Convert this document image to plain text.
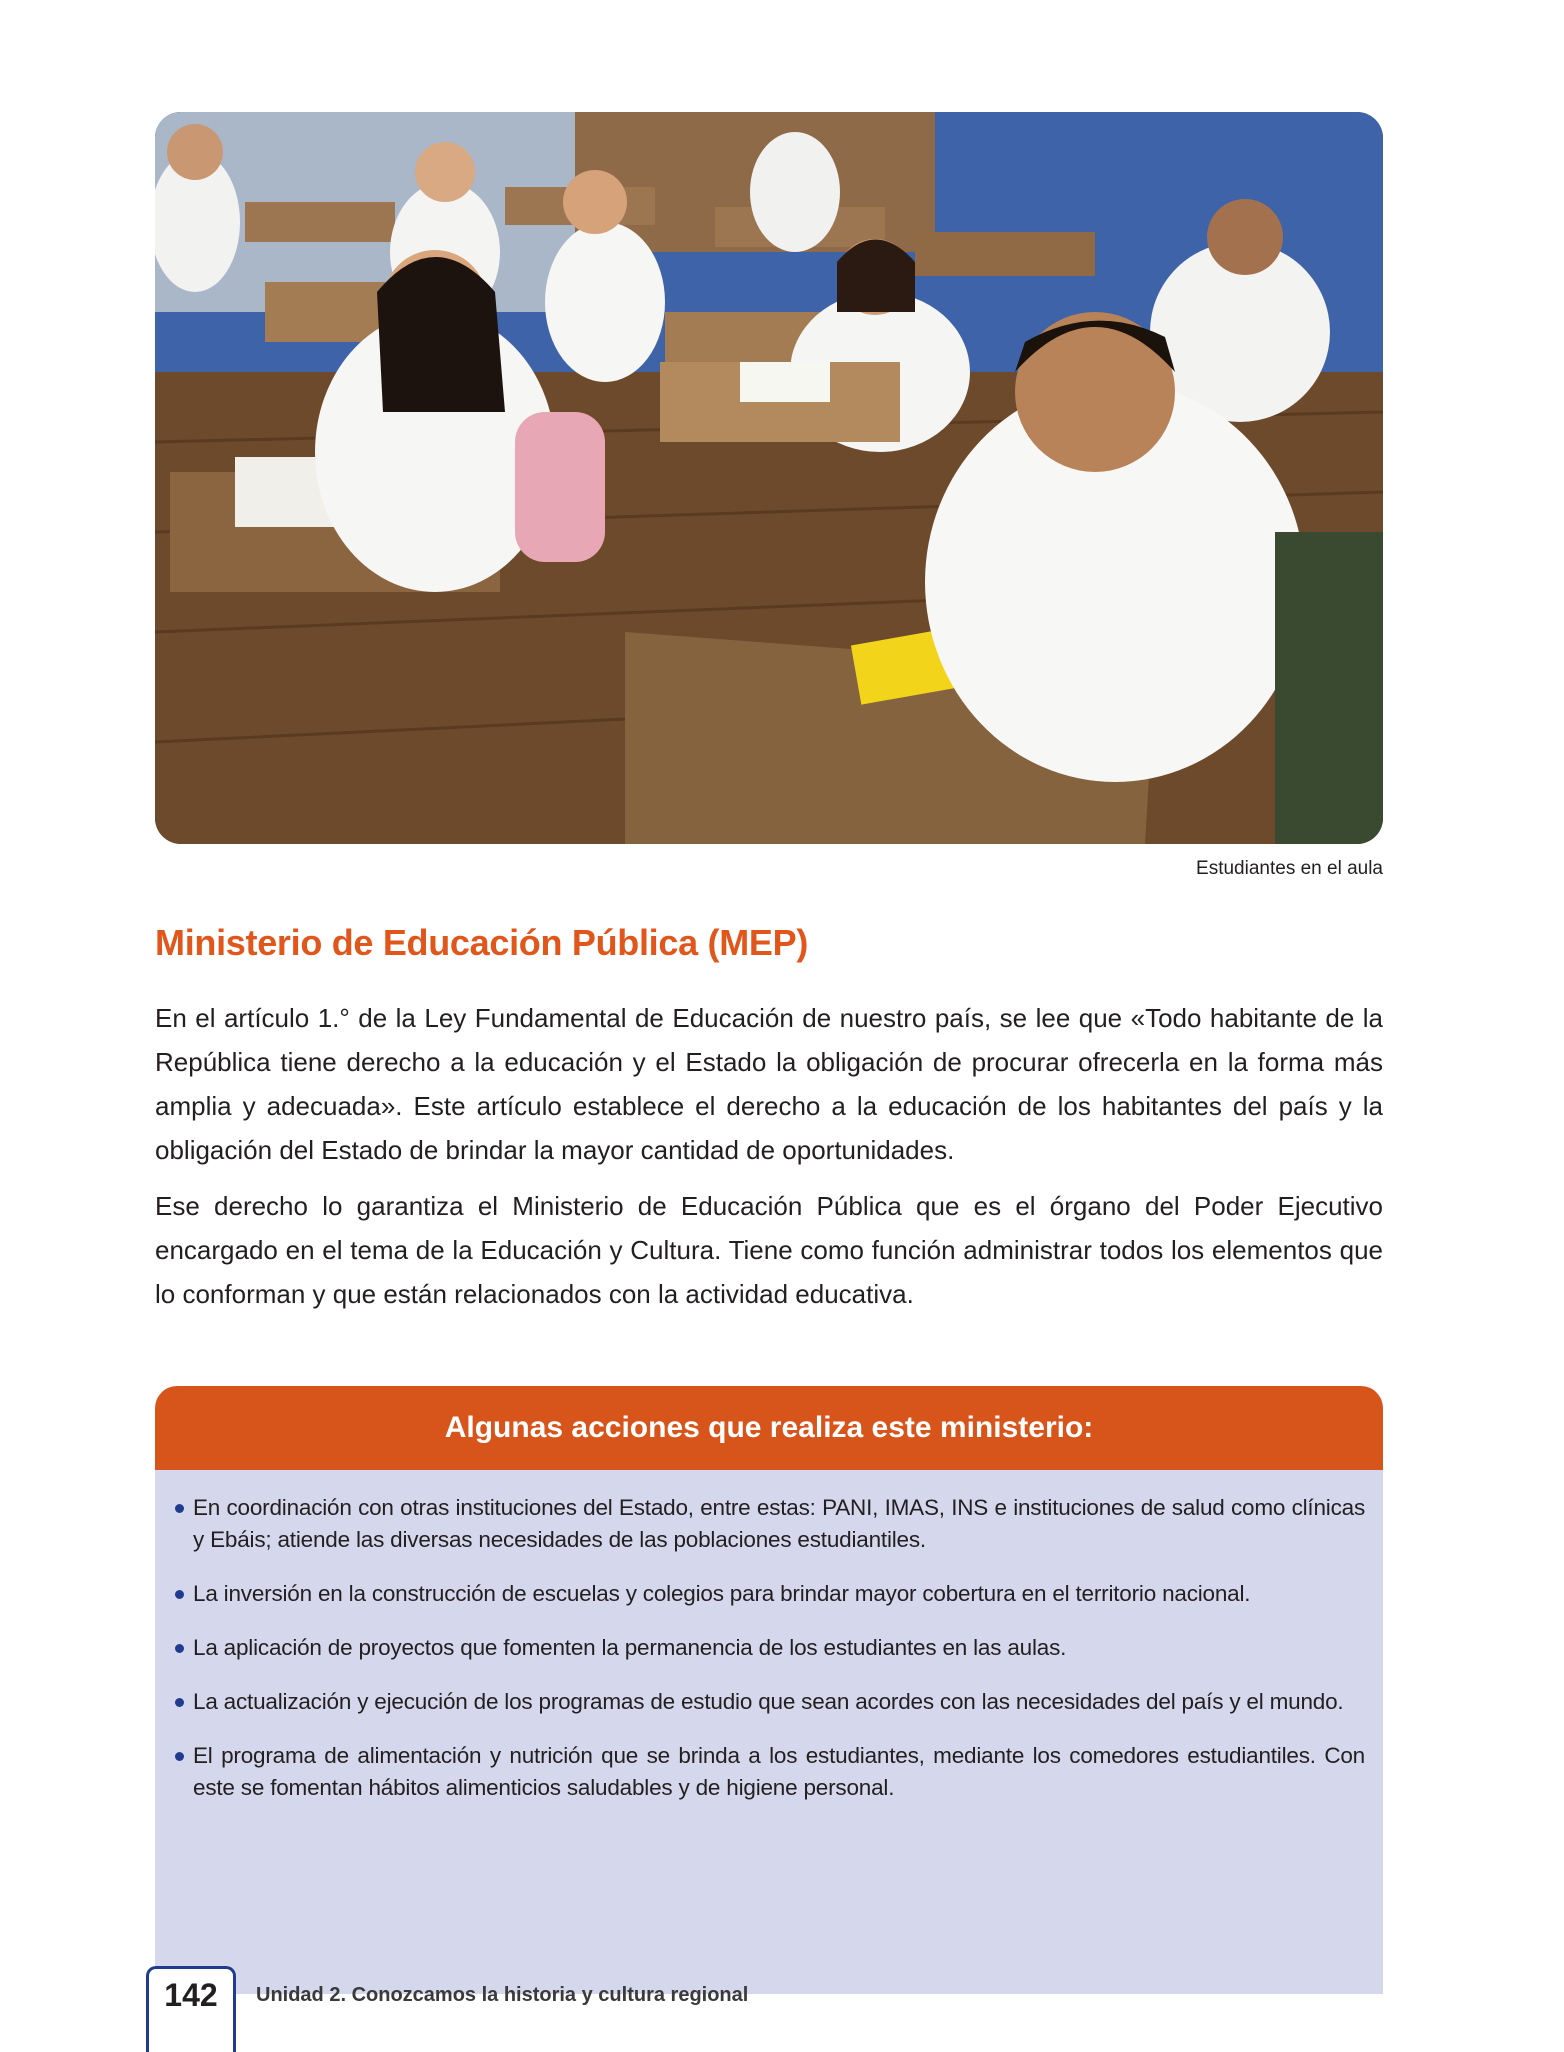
Estudiantes en el aula
Ministerio de Educación Pública (MEP)

En el artículo 1.° de la Ley Fundamental de Educación de nuestro país, se lee que «Todo habitante de la República tiene derecho a la educación y el Estado la obligación de procurar ofrecerla en la forma más amplia y adecuada». Este artículo establece el derecho a la educación de los habitantes del país y la obligación del Estado de brindar la mayor cantidad de oportunidades.

Ese derecho lo garantiza el Ministerio de Educación Pública que es el órgano del Poder Ejecutivo encargado en el tema de la Educación y Cultura. Tiene como función administrar todos los elementos que lo conforman y que están relacionados con la actividad educativa.

Algunas acciones que realiza este ministerio:
En coordinación con otras instituciones del Estado, entre estas: PANI, IMAS, INS e instituciones de salud como clínicas y Ebáis; atiende las diversas necesidades de las poblaciones estudiantiles.
La inversión en la construcción de escuelas y colegios para brindar mayor cobertura en el territorio nacional.
La aplicación de proyectos que fomenten la permanencia de los estudiantes en las aulas.
La actualización y ejecución de los programas de estudio que sean acordes con las necesidades del país y el mundo.
El programa de alimentación y nutrición que se brinda a los estudiantes, mediante los comedores estudiantiles. Con este se fomentan hábitos alimenticios saludables y de higiene personal.
142	Unidad 2. Conozcamos la historia y cultura regional
